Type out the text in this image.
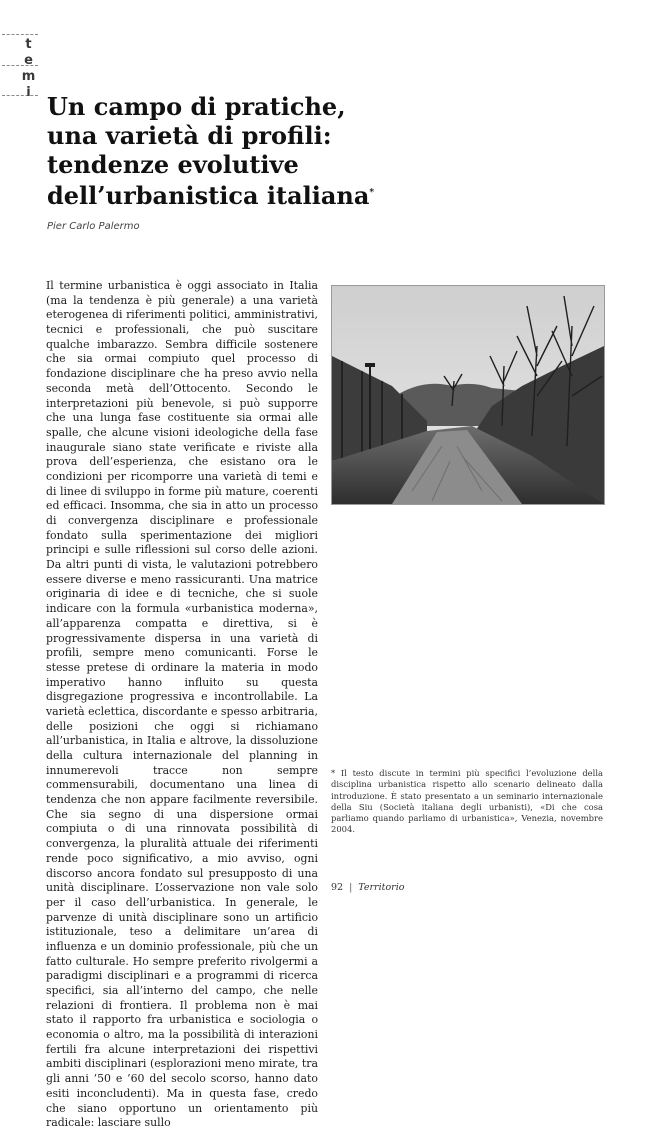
temi
Un campo di pratiche,
una varietà di profili:
tendenze evolutive
dell’urbanistica italiana*

Pier Carlo Palermo

Il termine urbanistica è oggi associato in Italia (ma la tendenza è più generale) a una varietà eterogenea di riferimenti politici, amministrativi, tecnici e professionali, che può suscitare qualche imbarazzo. Sembra difficile sostenere che sia ormai compiuto quel processo di fondazione disciplinare che ha preso avvio nella seconda metà dell’Ottocento. Secondo le interpretazioni più benevole, si può supporre che una lunga fase costituente sia ormai alle spalle, che alcune visioni ideologiche della fase inaugurale siano state verificate e riviste alla prova dell’esperienza, che esistano ora le condizioni per ricomporre una varietà di temi e di linee di sviluppo in forme più mature, coerenti ed efficaci. Insomma, che sia in atto un processo di convergenza disciplinare e professionale fondato sulla sperimentazione dei migliori principi e sulle riflessioni sul corso delle azioni. Da altri punti di vista, le valutazioni potrebbero essere diverse e meno rassicuranti. Una matrice originaria di idee e di tecniche, che si suole indicare con la formula «urbanistica moderna», all’apparenza compatta e direttiva, si è progressivamente dispersa in una varietà di profili, sempre meno comunicanti. Forse le stesse pretese di ordinare la materia in modo imperativo hanno influito su questa disgregazione progressiva e incontrollabile. La varietà eclettica, discordante e spesso arbitraria, delle posizioni che oggi si richiamano all’urbanistica, in Italia e altrove, la dissoluzione della cultura internazionale del planning in innumerevoli tracce non sempre commensurabili, documentano una linea di tendenza che non appare facilmente reversibile. Che sia segno di una dispersione ormai compiuta o di una rinnovata possibilità di convergenza, la pluralità attuale dei riferimenti rende poco significativo, a mio avviso, ogni discorso ancora fondato sul presupposto di una unità disciplinare. L’osservazione non vale solo per il caso dell’urbanistica. In generale, le parvenze di unità disciplinare sono un artificio istituzionale, teso a delimitare un’area di influenza e un dominio professionale, più che un fatto culturale. Ho sempre preferito rivolgermi a paradigmi disciplinari e a programmi di ricerca specifici, sia all’interno del campo, che nelle relazioni di frontiera. Il problema non è mai stato il rapporto fra urbanistica e sociologia o economia o altro, ma la possibilità di interazioni fertili fra alcune interpretazioni dei rispettivi ambiti disciplinari (esplorazioni meno mirate, tra gli anni ’50 e ’60 del secolo scorso, hanno dato esiti inconcludenti). Ma in questa fase, credo che siano opportuno un orientamento più radicale: lasciare sullo

* Il testo discute in termini più specifici l’evoluzione della disciplina urbanistica rispetto allo scenario delineato dalla introduzione. È stato presentato a un seminario internazionale della Siu (Società italiana degli urbanisti), «Di che cosa parliamo quando parliamo di urbanistica», Venezia, novembre 2004.

92 | Territorio
